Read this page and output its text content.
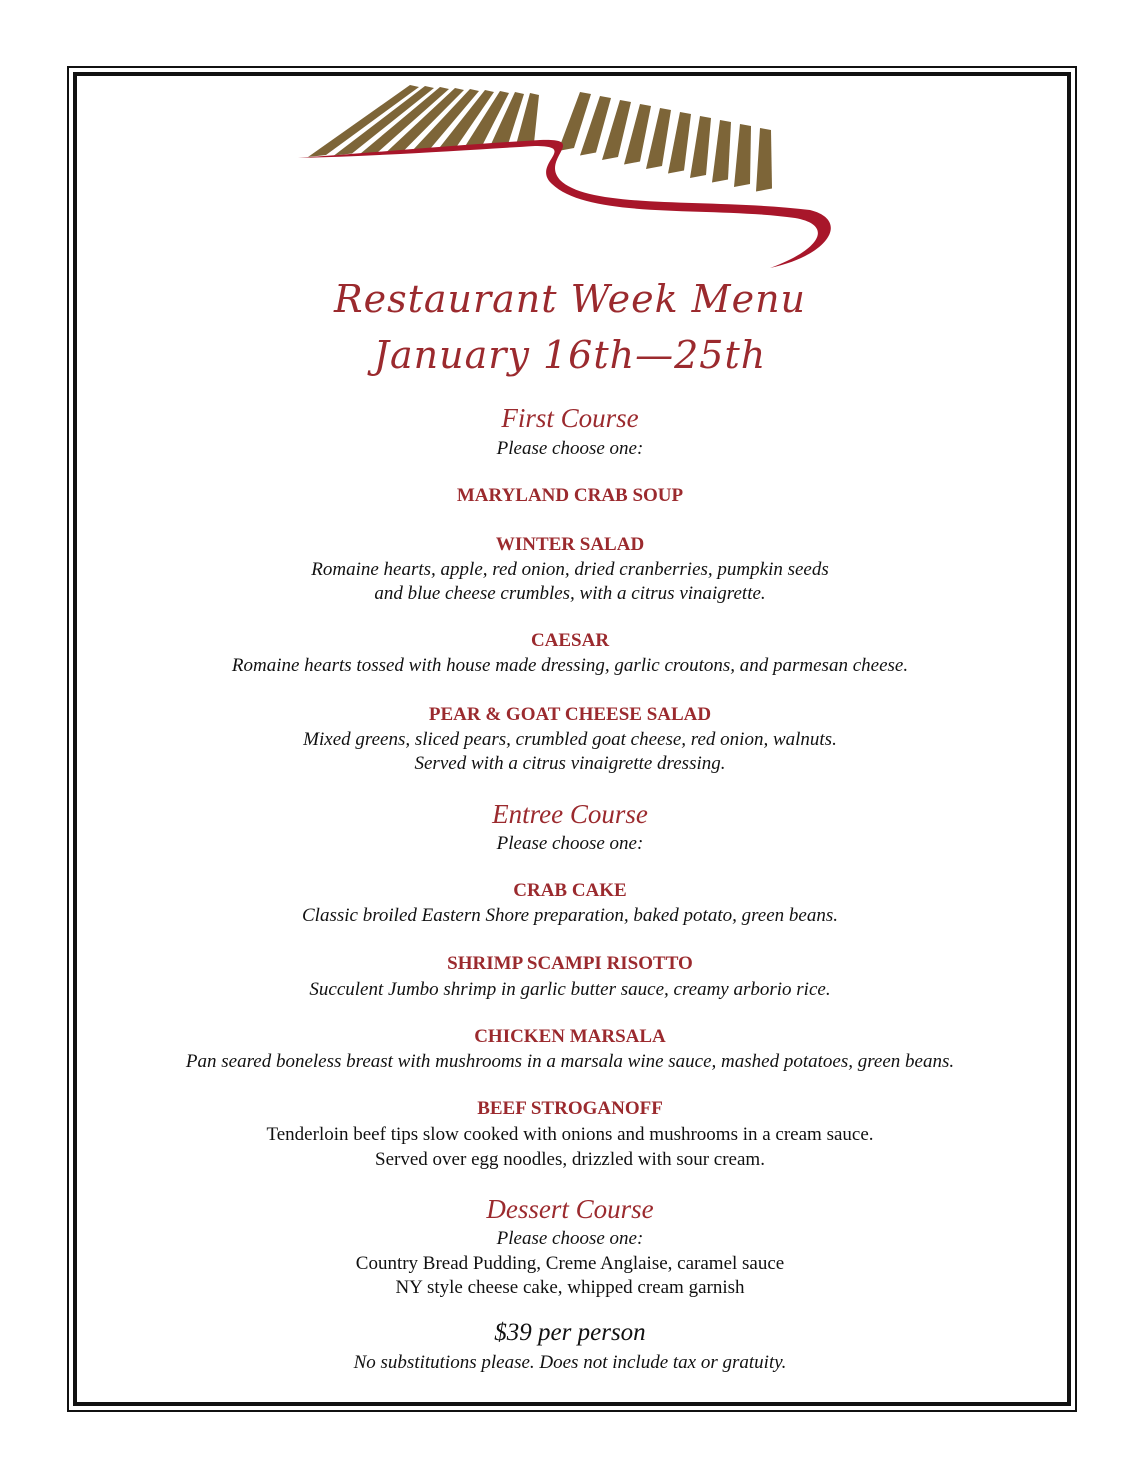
Restaurant Week Menu
January 16th—25th
First Course
Please choose one:
MARYLAND CRAB SOUP
WINTER SALAD
Romaine hearts, apple, red onion, dried cranberries, pumpkin seeds
and blue cheese crumbles, with a citrus vinaigrette.
CAESAR
Romaine hearts tossed with house made dressing, garlic croutons, and parmesan cheese.
PEAR & GOAT CHEESE SALAD
Mixed greens, sliced pears, crumbled goat cheese, red onion, walnuts.
Served with a citrus vinaigrette dressing.
Entree Course
Please choose one:
CRAB CAKE
Classic broiled Eastern Shore preparation, baked potato, green beans.
SHRIMP SCAMPI RISOTTO
Succulent Jumbo shrimp in garlic butter sauce, creamy arborio rice.
CHICKEN MARSALA
Pan seared boneless breast with mushrooms in a marsala wine sauce, mashed potatoes, green beans.
BEEF STROGANOFF
Tenderloin beef tips slow cooked with onions and mushrooms in a cream sauce.
Served over egg noodles, drizzled with sour cream.
Dessert Course
Please choose one:
Country Bread Pudding, Creme Anglaise, caramel sauce
NY style cheese cake, whipped cream garnish
$39 per person
No substitutions please. Does not include tax or gratuity.
